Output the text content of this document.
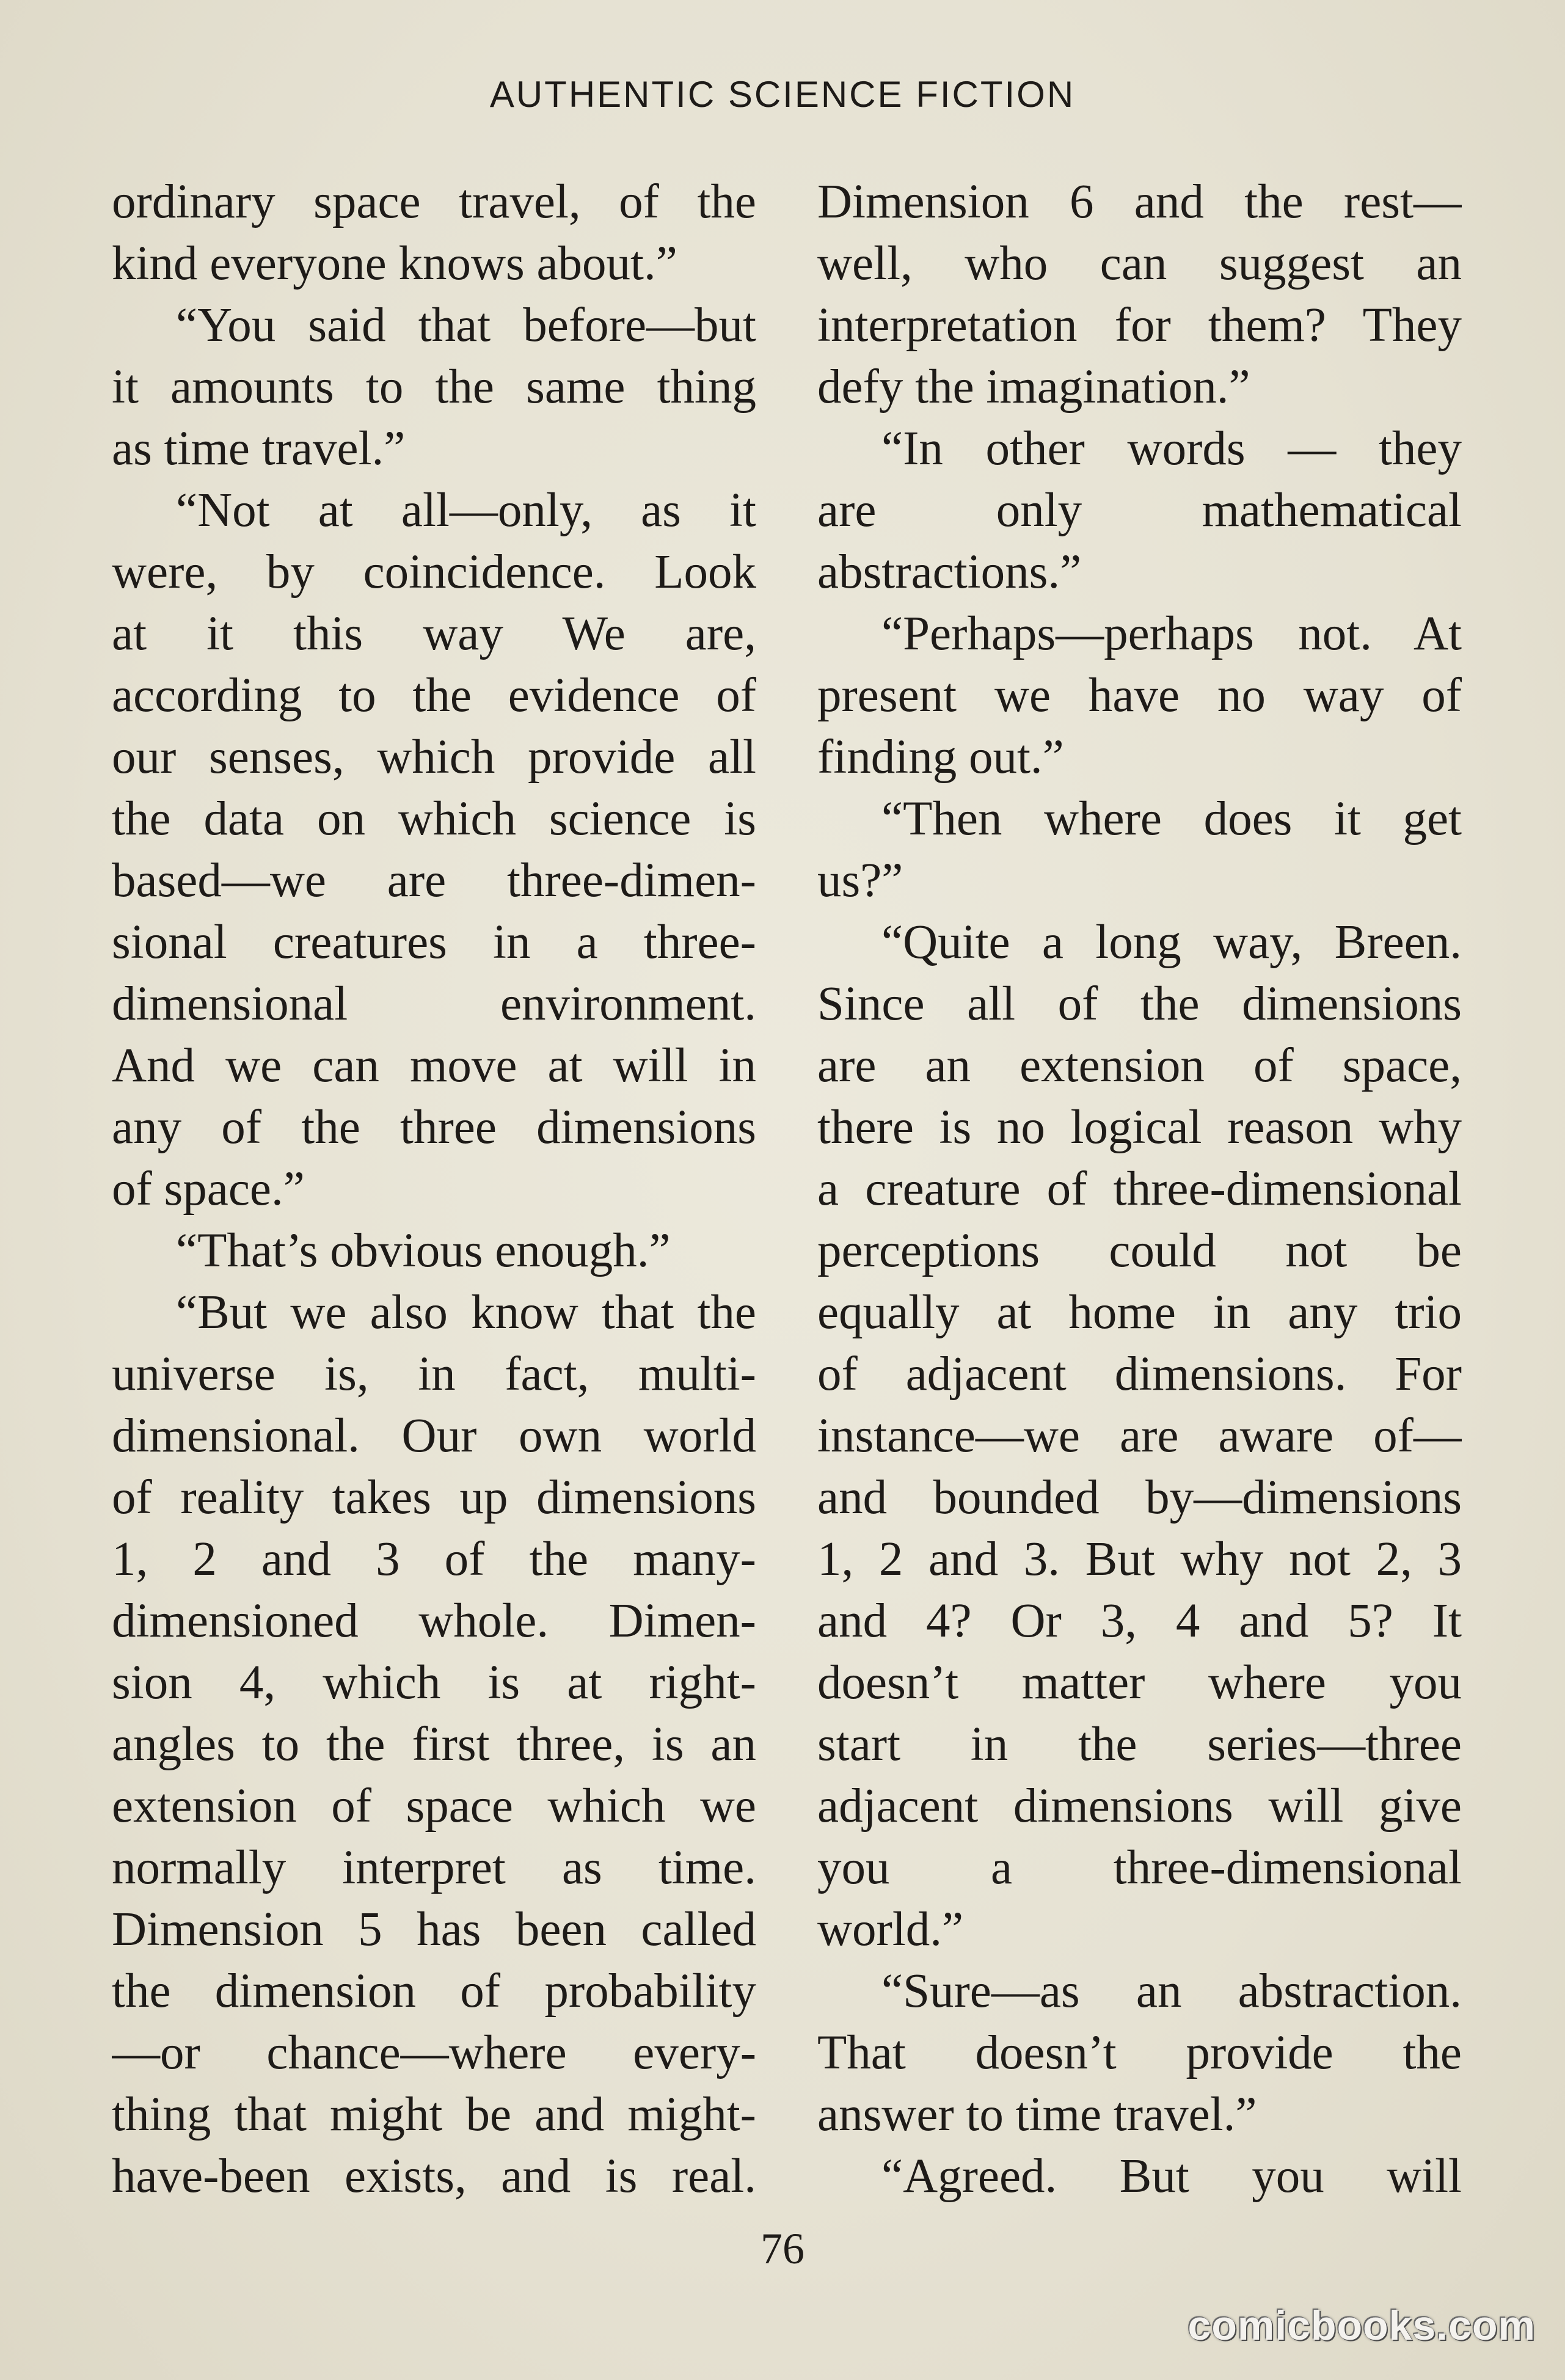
AUTHENTIC SCIENCE FICTION
ordinary space travel, of the
kind everyone knows about.”
“You said that before—but
it amounts to the same thing
as time travel.”
“Not at all—only, as it
were, by coincidence. Look
at it this way We are,
according to the evidence of
our senses, which provide all
the data on which science is
based—we are three-dimen-
sional creatures in a three-
dimensional environment.
And we can move at will in
any of the three dimensions
of space.”
“That’s obvious enough.”
“But we also know that the
universe is, in fact, multi-
dimensional. Our own world
of reality takes up dimensions
1, 2 and 3 of the many-
dimensioned whole. Dimen-
sion 4, which is at right-
angles to the first three, is an
extension of space which we
normally interpret as time.
Dimension 5 has been called
the dimension of probability
—or chance—where every-
thing that might be and might-
have-been exists, and is real.
Dimension 6 and the rest—
well, who can suggest an
interpretation for them? They
defy the imagination.”
“In other words — they
are only mathematical
abstractions.”
“Perhaps—perhaps not. At
present we have no way of
finding out.”
“Then where does it get
us?”
“Quite a long way, Breen.
Since all of the dimensions
are an extension of space,
there is no logical reason why
a creature of three-dimensional
perceptions could not be
equally at home in any trio
of adjacent dimensions. For
instance—we are aware of—
and bounded by—dimensions
1, 2 and 3. But why not 2, 3
and 4? Or 3, 4 and 5? It
doesn’t matter where you
start in the series—three
adjacent dimensions will give
you a three-dimensional
world.”
“Sure—as an abstraction.
That doesn’t provide the
answer to time travel.”
“Agreed. But you will
76
comicbooks.com
